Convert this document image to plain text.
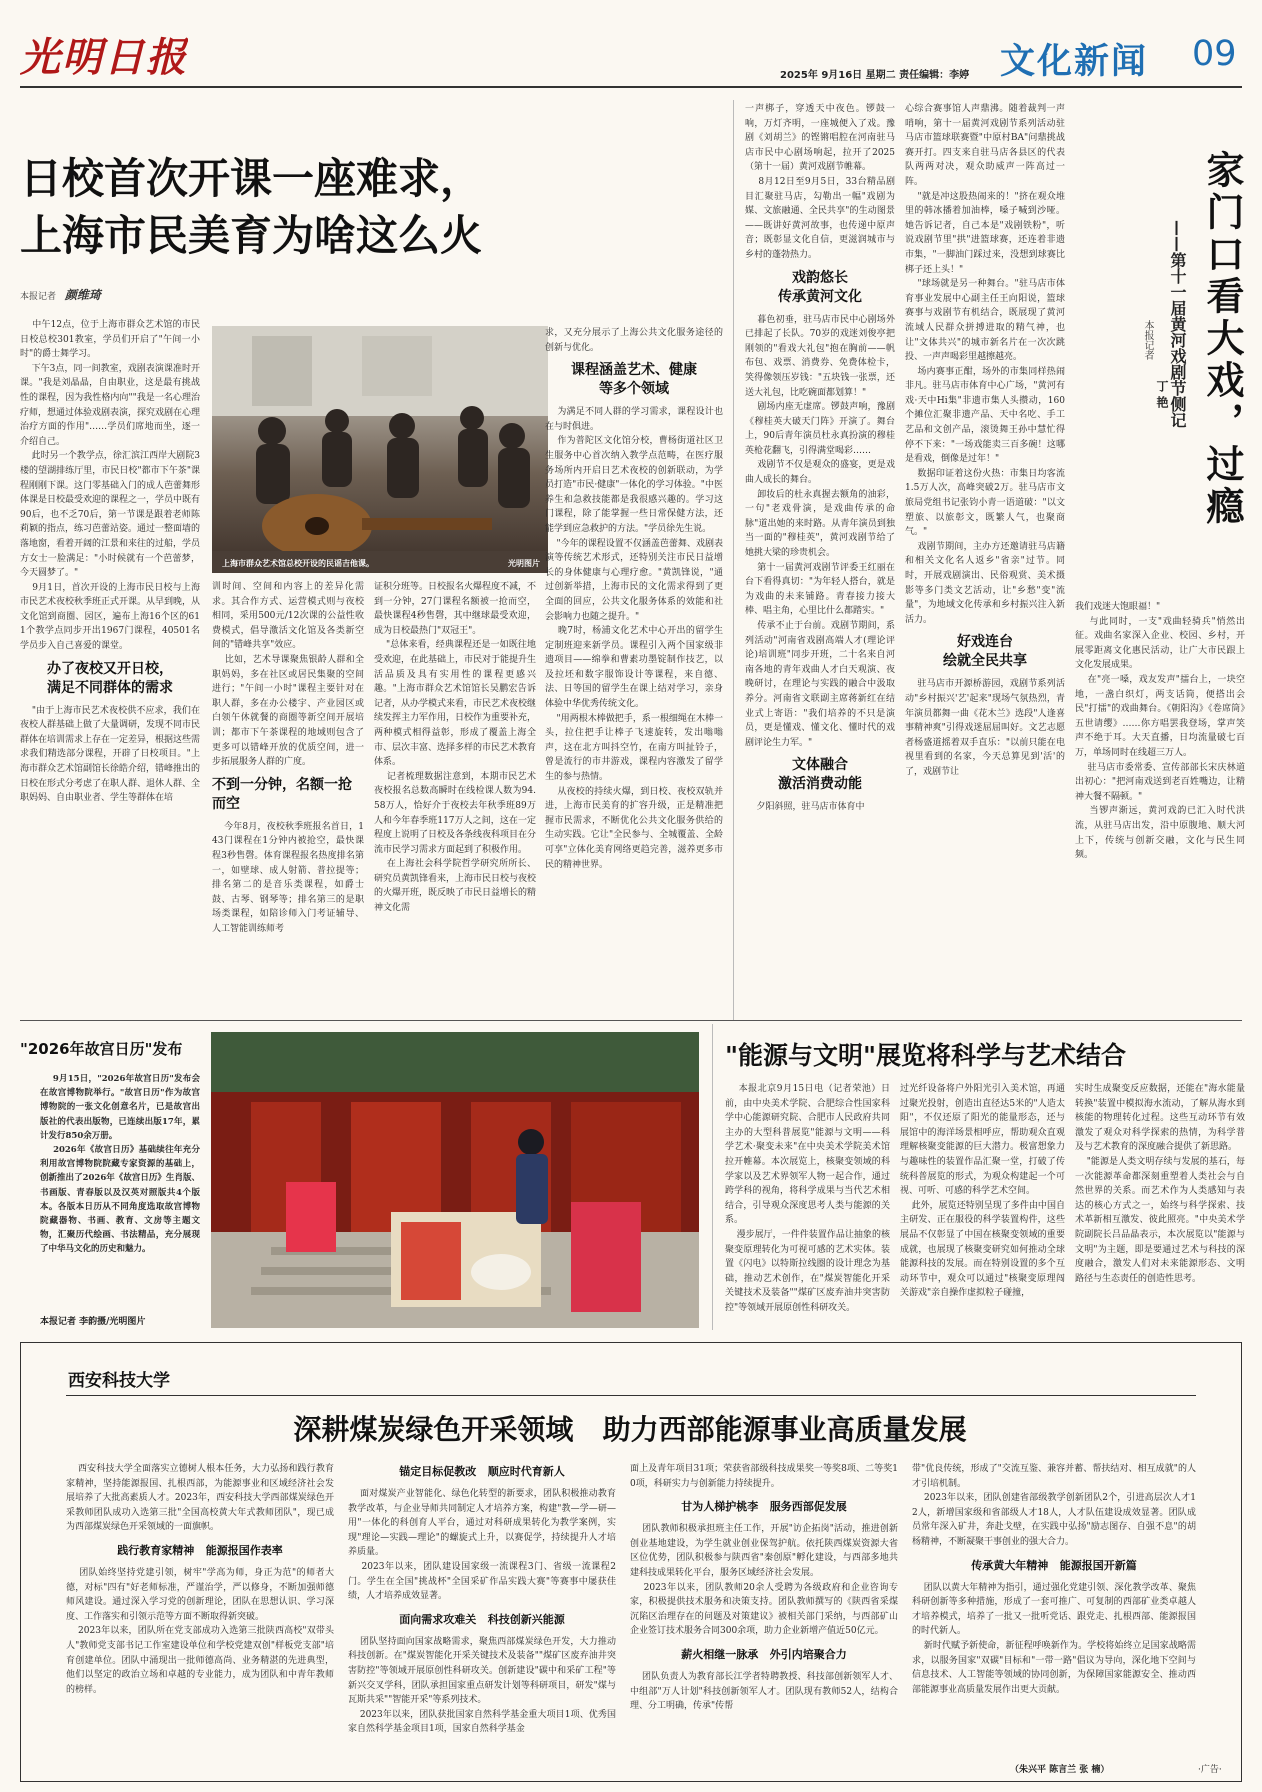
光明日报	2025年 9月16日 星期二 责任编辑：李婷 文化新闻 09
日校首次开课一座难求，
上海市民美育为啥这么火
本报记者 颜维琦
中午12点，位于上海市群众艺术馆的市民日校总校301教室，学员们开启了"午间一小时"的爵士舞学习。
下午3点，同一间教室，戏剧表演课准时开课。"我是刘晶晶，自由职业，这是最有挑战性的课程，因为我性格内向""我是一名心理治疗师，想通过体验戏剧表演，探究戏剧在心理治疗方面的作用"……学员们席地而坐，逐一介绍自己。
此时另一个教学点，徐汇滨江西岸大剧院3楼的望湖排练厅里，市民日校"都市下午茶"课程刚刚下课。这门零基础入门的成人芭蕾舞形体课是日校最受欢迎的课程之一，学员中既有90后，也不乏70后，第一节课是跟着老师陈莉颖的指点，练习芭蕾站姿。通过一整面墙的落地窗，看着开阔的江景和来往的过船，学员方女士一脸满足："小时候就有一个芭蕾梦，今天圆梦了。"
9月1日，首次开设的上海市民日校与上海市民艺术夜校秋季班正式开课。从早到晚，从文化馆到商圈、园区，遍布上海16个区的611个教学点同步开出1967门课程，40501名学员步入自己喜爱的课堂。
办了夜校又开日校，
满足不同群体的需求
"由于上海市民艺术夜校供不应求，我们在夜校人群基础上做了大量调研，发现不同市民群体在培训需求上存在一定差异，根据这些需求我们精选部分课程，开辟了日校项目。"上海市群众艺术馆副馆长徐皓介绍，错峰推出的日校在形式分考虑了在职人群、退休人群、全职妈妈、自由职业者、学生等群体在培
上海市群众艺术馆总校开设的民谣吉他课。	光明图片
训时间、空间和内容上的差异化需求。其合作方式、运营模式则与夜校相同，采用500元/12次课的公益性收费模式，倡导激活文化馆及各类新空间的"错峰共享"效应。
比如，艺术导课聚焦银龄人群和全职妈妈，多在社区或居民集聚的空间进行；"午间一小时"课程主要针对在职人群，多在办公楼宇、产业园区或白领午休就餐的商圈等新空间开展培训；都市下午茶课程的地域则包含了更多可以错峰开放的优质空间，进一步拓展服务人群的广度。
不到一分钟，名额一抢而空
今年8月，夜校秋季班报名首日，143门课程在1分钟内被抢空，最快课程3秒售磬。体育课程报名热度排名第一，如壁球、成人射箭、普拉提等；排名第二的是音乐类课程，如爵士鼓、古琴、钢琴等；排名第三的是职场类课程，如陪诊师入门考证辅导、人工智能训练师考
证积分班等。日校报名火爆程度不减，不到一分钟，27门课程名额被一抢而空，最快课程4秒售磬，其中继球最受欢迎，成为日校最热门"双冠王"。
"总体来看，经典课程还是一如既往地受欢迎，在此基础上，市民对于能提升生活品质及具有实用性的课程更感兴趣。"上海市群众艺术馆馆长吴鹏宏告诉记者，从办学模式来看，市民艺术夜校继续发挥主力军作用，日校作为重要补充，两种模式相得益彰，形成了覆盖上海全市、层次丰富、选择多样的市民艺术教育体系。
记者梳理数据注意到，本期市民艺术夜校报名总数高瞬时在线检课人数为94.58万人，恰好介于夜校去年秋季班89万人和今年春季班117万人之间，这在一定程度上说明了日校及各条线夜科项目在分流市民学习需求方面起到了积极作用。
在上海社会科学院哲学研究所所长、研究员黄凯锋看来，上海市民日校与夜校的火爆开班，既反映了市民日益增长的精神文化需
求，又充分展示了上海公共文化服务途径的创新与优化。
课程涵盖艺术、健康
等多个领域
为满足不同人群的学习需求，课程设计也在与时俱进。
作为普陀区文化馆分校，曹杨街道社区卫生服务中心首次纳入教学点范畴，在医疗服务场所内开启日艺术夜校的创新联动，为学员打造"市民·健康"一体化的学习体验。"中医养生和急救技能都是我很感兴趣的。学习这门课程，除了能掌握一些日常保健方法，还能学到应急救护的方法。"学员徐先生说。
"今年的课程设置不仅涵盖芭蕾舞、戏剧表演等传统艺术形式，还特别关注市民日益增长的身体健康与心理疗愈。"黄凯锋说，"通过创新举措，上海市民的文化需求得到了更全面的回应，公共文化服务体系的效能和社会影响力也随之提升。"
晚7时，杨浦文化艺术中心开出的留学生定制班迎来新学员。课程引入两个国家级非遗项目——绵拳和曹素功墨锭制作技艺，以及拉坯和数字服饰设计等课程，来自德、法、日等国的留学生在课上结对学习，亲身体验中华优秀传统文化。
"用两根木棒做把手，系一根细绳在木棒一头，拉住把手让棒子飞速旋转，发出嗡嗡声，这在北方叫抖空竹，在南方叫扯铃子，曾是流行的市井游戏，课程内容激发了留学生的参与热情。
从夜校的持续火爆，到日校、夜校双轨并进，上海市民美育的扩容升级，正是精准把握市民需求，不断优化公共文化服务供给的生动实践。它让"全民参与、全城覆盖、全龄可享"立体化美育网络更趋完善，滋养更多市民的精神世界。
一声梆子，穿透天中夜色。锣鼓一响，万灯齐明，一座城便入了戏。豫剧《刘胡兰》的铿锵唱腔在河南驻马店市民中心剧场响起，拉开了2025（第十一届）黄河戏剧节帷幕。
8月12日至9月5日，33台精品剧目汇聚驻马店，勾勒出一幅"戏剧为媒、文旅融通、全民共享"的生动图景——既讲好黄河故事，也传递中原声音；既彰显文化自信，更滋润城市与乡村的蓬勃热力。
戏韵悠长
传承黄河文化
暮色初垂，驻马店市民中心剧场外已排起了长队。70岁的戏迷刘俊亭把刚领的"看戏大礼包"抱在胸前——帆布包、戏票、消费券、免费体检卡，笑得像领压岁钱："五块钱一张票，还送大礼包，比吃碗面都划算！"
剧场内座无虚席。锣鼓声响，豫剧《穆桂英大破天门阵》开演了。舞台上，90后青年演员杜永真扮演的穆桂英枪花翻飞，引得满堂喝彩……
戏剧节不仅是观众的盛宴，更是戏曲人成长的舞台。
卸妆后的杜永真握去额角的油彩，一句"老戏骨演，是戏曲传承的命脉"道出她的来时路。从青年演员到独当一面的"穆桂英"，黄河戏剧节给了她挑大梁的珍贵机会。
第十一届黄河戏剧节评委王红丽在台下看得真切："为年轻人搭台，就是为戏曲的未来铺路。青春接力接大棒、唱主角，心里比什么都踏实。"
传承不止于台前。戏剧节期间，系列活动"河南省戏剧高端人才(理论评论)培训班"同步开班，二十名来自河南各地的青年戏曲人才白天观演、夜晚研讨，在理论与实践的融合中汲取养分。河南省文联副主席蒋新红在结业式上寄语："我们培养的不只是演员，更是懂戏、懂文化、懂时代的戏剧评论生力军。"
文体融合
激活消费动能
夕阳斜照，驻马店市体育中
心综合赛事馆人声鼎沸。随着裁判一声哨响，第十一届黄河戏剧节系列活动驻马店市篮球联赛暨"中原村BA"问鼎挑战赛开打。四支来自驻马店各县区的代表队两两对决，观众助威声一阵高过一阵。
"就是冲这股热闹来的！"挤在观众堆里的韩冰播着加油棒，嗓子喊到沙哑。她告诉记者，自己本是"戏剧铁粉"，听说戏剧节里"拱"进篮球赛，还连着非遗市集，"一脚油门踩过来，没想到球赛比梆子还上头！"
"球场就是另一种舞台。"驻马店市体育事业发展中心副主任王向阳说，篮球赛事与戏剧节有机结合，既展现了黄河流域人民群众拼搏进取的精气神，也让"文体共兴"的城市新名片在一次次跳投、一声声喝彩里越擦越亮。
场内赛事正酣，场外的市集同样热闹非凡。驻马店市体育中心广场，"黄河有戏·天中Hi集"非遗市集人头攒动，160个摊位汇聚非遗产品、天中名吃、手工艺品和文创产品，滚烫舞王孙中慧忙得停不下来："一场戏能卖三百多碗！这哪是看戏，倒像是过年！"
数据印证着这份火热：市集日均客流1.5万人次，高峰突破2万。驻马店市文旅局党组书记张钧小青一语道破："以文塑旅、以旅彰文，既繁人气，也聚商气。"
戏剧节期间，主办方还邀请驻马店籍和相关文化名人返乡"省亲"过节。同时，开展戏剧演出、民俗观赏、美术摄影等多门类文艺活动，让"乡愁"变"流量"，为地域文化传承和乡村振兴注入新活力。
好戏连台
绘就全民共享
驻马店市开源桥游园，戏剧节系列活动"乡村振兴'艺'起来"现场气氛热烈，青年演员都舞一曲《花木兰》选段"人逢喜事精神爽"引得戏迷屈屈叫好。文艺志愿者杨盛道摇着双手直乐："以前只能在电视里看到的名家，今天总算见到'活'的了，戏剧节让
家门口看大戏，过瘾
——第十一届黄河戏剧节侧记
本报记者
丁 艳
我们戏迷大饱眼福！"
与此同时，一支"戏曲轻骑兵"悄然出征。戏曲名家深入企业、校园、乡村，开展零距离文化惠民活动，让广大市民跟上文化发展成果。
在"亮一嗓，戏友发声"擂台上，一块空地，一盏白织灯，两支话筒，便搭出会民"打擂"的戏曲舞台。《朝阳沟》《卷席筒》五世请缨》……你方唱罢我登场，掌声笑声不绝于耳。大天直播，日均流量破七百万，单场同时在线超三万人。
驻马店市委常委、宣传部部长宋庆林道出初心："把河南戏送到老百姓嘴边，让精神大餐不隔顿。"
当锣声渐远，黄河戏韵已汇入时代洪流，从驻马店出发，沿中原腹地、顺大河上下，传统与创新交融，文化与民生同频。
"2026年故宫日历"发布
9月15日，"2026年故宫日历"发布会在故宫博物院举行。"故宫日历"作为故宫博物院的一张文化创意名片，已是故宫出版社的代表出版物，已连续出版17年，累计发行850余万册。
2026年《故宫日历》基础续往年充分利用故宫博物院院藏专家资源的基础上，创新推出了2026年《故宫日历》生肖版、书画版、青春版以及汉英对照版共4个版本。各版本日历从不同角度选取故宫博物院藏器物、书画、教育、文房等主题文物，汇聚历代绘画、书法精品，充分展现了中华马文化的历史和魅力。
本报记者 李韵摄/光明图片
"能源与文明"展览将科学与艺术结合
本报北京9月15日电（记者荣池）日前，由中央美术学院、合肥综合性国家科学中心能源研究院、合肥市人民政府共同主办的大型科普展览"能源与文明——科学艺术·聚变未来"在中央美术学院美术馆拉开帷幕。本次展览上，核聚变领域的科学家以及艺术界领军人物一起合作，通过跨学科的视角，将科学成果与当代艺术相结合，引导观众深度思考人类与能源的关系。
漫步展厅，一件件装置作品让抽象的核聚变原理转化为可视可感的艺术实体。装置《闪电》以特斯拉线圈的设计理念为基础，推动艺术创作，在"煤炭智能化开采关键技术及装备""煤矿区废弃油井突害防控"等领域开展原创性科研攻关。
过光纤设备将户外阳光引入美术馆，再通过聚光投射，创造出直径达5米的"人造太阳"，不仅还原了阳光的能量形态，还与展馆中的海洋场景相呼应，帮助观众直观理解核聚变能源的巨大潜力。极富想象力与趣味性的装置作品汇聚一堂，打破了传统科普展览的形式，为观众构建起一个可视、可听、可感的科学艺术空间。
此外，展览还特别呈现了多件由中国自主研发、正在服役的科学装置构件，这些展品不仅彰显了中国在核聚变领域的重要成就，也展现了核聚变研究如何推动全球能源科技的发展。而在特别设置的多个互动环节中，观众可以通过"核聚变原理闯关游戏"亲自操作虚拟粒子碰撞，
实时生成聚变反应数据，还能在"海水能量转换"装置中模拟海水流动，了解从海水到核能的物理转化过程。这些互动环节有效激发了观众对科学探索的热情，为科学普及与艺术教育的深度融合提供了新思路。
"能源是人类文明存续与发展的基石，每一次能源革命都深刻重塑着人类社会与自然世界的关系。而艺术作为人类感知与表达的核心方式之一，始终与科学探索、技术革新相互激发、彼此照亮。"中央美术学院副院长吕品晶表示，本次展览以"能源与文明"为主题，即是要通过艺术与科技的深度融合，激发人们对未来能源形态、文明路径与生态责任的创造性思考。
西安科技大学
深耕煤炭绿色开采领域   助力西部能源事业高质量发展
西安科技大学全面落实立德树人根本任务，大力弘扬和践行教育家精神，坚持能源报国、扎根西部，为能源事业和区域经济社会发展培养了大批高素质人才。2023年，西安科技大学西部煤炭绿色开采教师团队成功入选第三批"全国高校黄大年式教师团队"，现已成为西部煤炭绿色开采领域的一面旗帜。
践行教育家精神   能源报国作表率
团队始终坚持党建引领，树牢"学高为师，身正为范"的师者大德，对标"四有"好老师标准，严谨治学，严以修身，不断加强师德师风建设。通过深入学习党的创新理论，团队在思想认识、学习深度、工作落实和引领示范等方面不断取得新突破。
2023年以来，团队所在党支部成功入选第三批陕西高校"双带头人"教师党支部书记工作室建设单位和学校党建双创"样板党支部"培育创建单位。团队中涌现出一批师德高尚、业务精湛的先进典型，他们以坚定的政治立场和卓越的专业能力，成为团队和中青年教师的榜样。
锚定目标促教改   顺应时代育新人
面对煤炭产业智能化、绿色化转型的新要求，团队积极推动教育教学改革，与企业导师共同制定人才培养方案，构建"教—学—研—用"一体化的科创育人平台，通过对科研成果转化为教学案例，实现"理论—实践—理论"的螺旋式上升，以赛促学，持续提升人才培养质量。
2023年以来，团队建设国家级一流课程3门、省级一流课程2门。学生在全国"挑战杯"全国采矿作品实践大赛"等赛事中屡获佳绩，人才培养成效显著。
面向需求攻难关   科技创新兴能源
团队坚持面向国家战略需求，聚焦西部煤炭绿色开发，大力推动科技创新。在"煤炭智能化开采关键技术及装备""煤矿区废弃油井突害防控"等领域开展原创性科研攻关。创新建设"碳中和采矿工程"等新兴交叉学科，团队承担国家重点研发计划等科研项目，研发"煤与瓦斯共采""智能开采"等系列技术。
2023年以来，团队获批国家自然科学基金重大项目1项、优秀国家自然科学基金项目1项，国家自然科学基金
面上及青年项目31项；荣获省部级科技成果奖一等奖8项、二等奖10项，科研实力与创新能力持续提升。
甘为人梯护桃李   服务西部促发展
团队教师积极承担班主任工作，开展"访企拓岗"活动，推进创新创业基地建设，为学生就业创业保驾护航。依托陕西煤炭资源大省区位优势，团队积极参与陕西省"秦创原"孵化建设，与西部多地共建科技成果转化平台，服务区域经济社会发展。
2023年以来，团队教师20余人受聘为各级政府和企业咨询专家，积极提供技术服务和决策支持。团队教师撰写的《陕西省采煤沉陷区治理存在的问题及对策建议》被相关部门采纳，与西部矿山企业签订技术服务合同300余项，助力企业新增产值近50亿元。
薪火相继一脉承   外引内培聚合力
团队负责人为教育部长江学者特聘教授、科技部创新领军人才、中组部"万人计划"科技创新领军人才。团队现有教师52人，结构合理、分工明确，传承"传帮
带"优良传统，形成了"交流互鉴、兼容并蓄、帮扶结对、相互成就"的人才引培机制。
2023年以来，团队创建省部级教学创新团队2个，引进高层次人才12人，新增国家级和省部级人才18人，人才队伍建设成效显著。团队成员常年深入矿井，奔赴戈壁，在实践中弘扬"励志图存、自强不息"的胡杨精神，不断凝聚干事创业的强大合力。
传承黄大年精神   能源报国开新篇
团队以黄大年精神为指引，通过强化党建引领、深化教学改革、聚焦科研创新等多种措施，形成了一套可推广、可复制的西部矿业类卓越人才培养模式，培养了一批又一批听党话、跟党走、扎根西部、能源报国的时代新人。
新时代赋予新使命，新征程呼唤新作为。学校将始终立足国家战略需求，以服务国家"双碳"目标和"一带一路"倡议为导向，深化地下空间与信息技术、人工智能等领域的协同创新，为保障国家能源安全、推动西部能源事业高质量发展作出更大贡献。
（朱兴平 陈言兰 张 楠）	·广告·
